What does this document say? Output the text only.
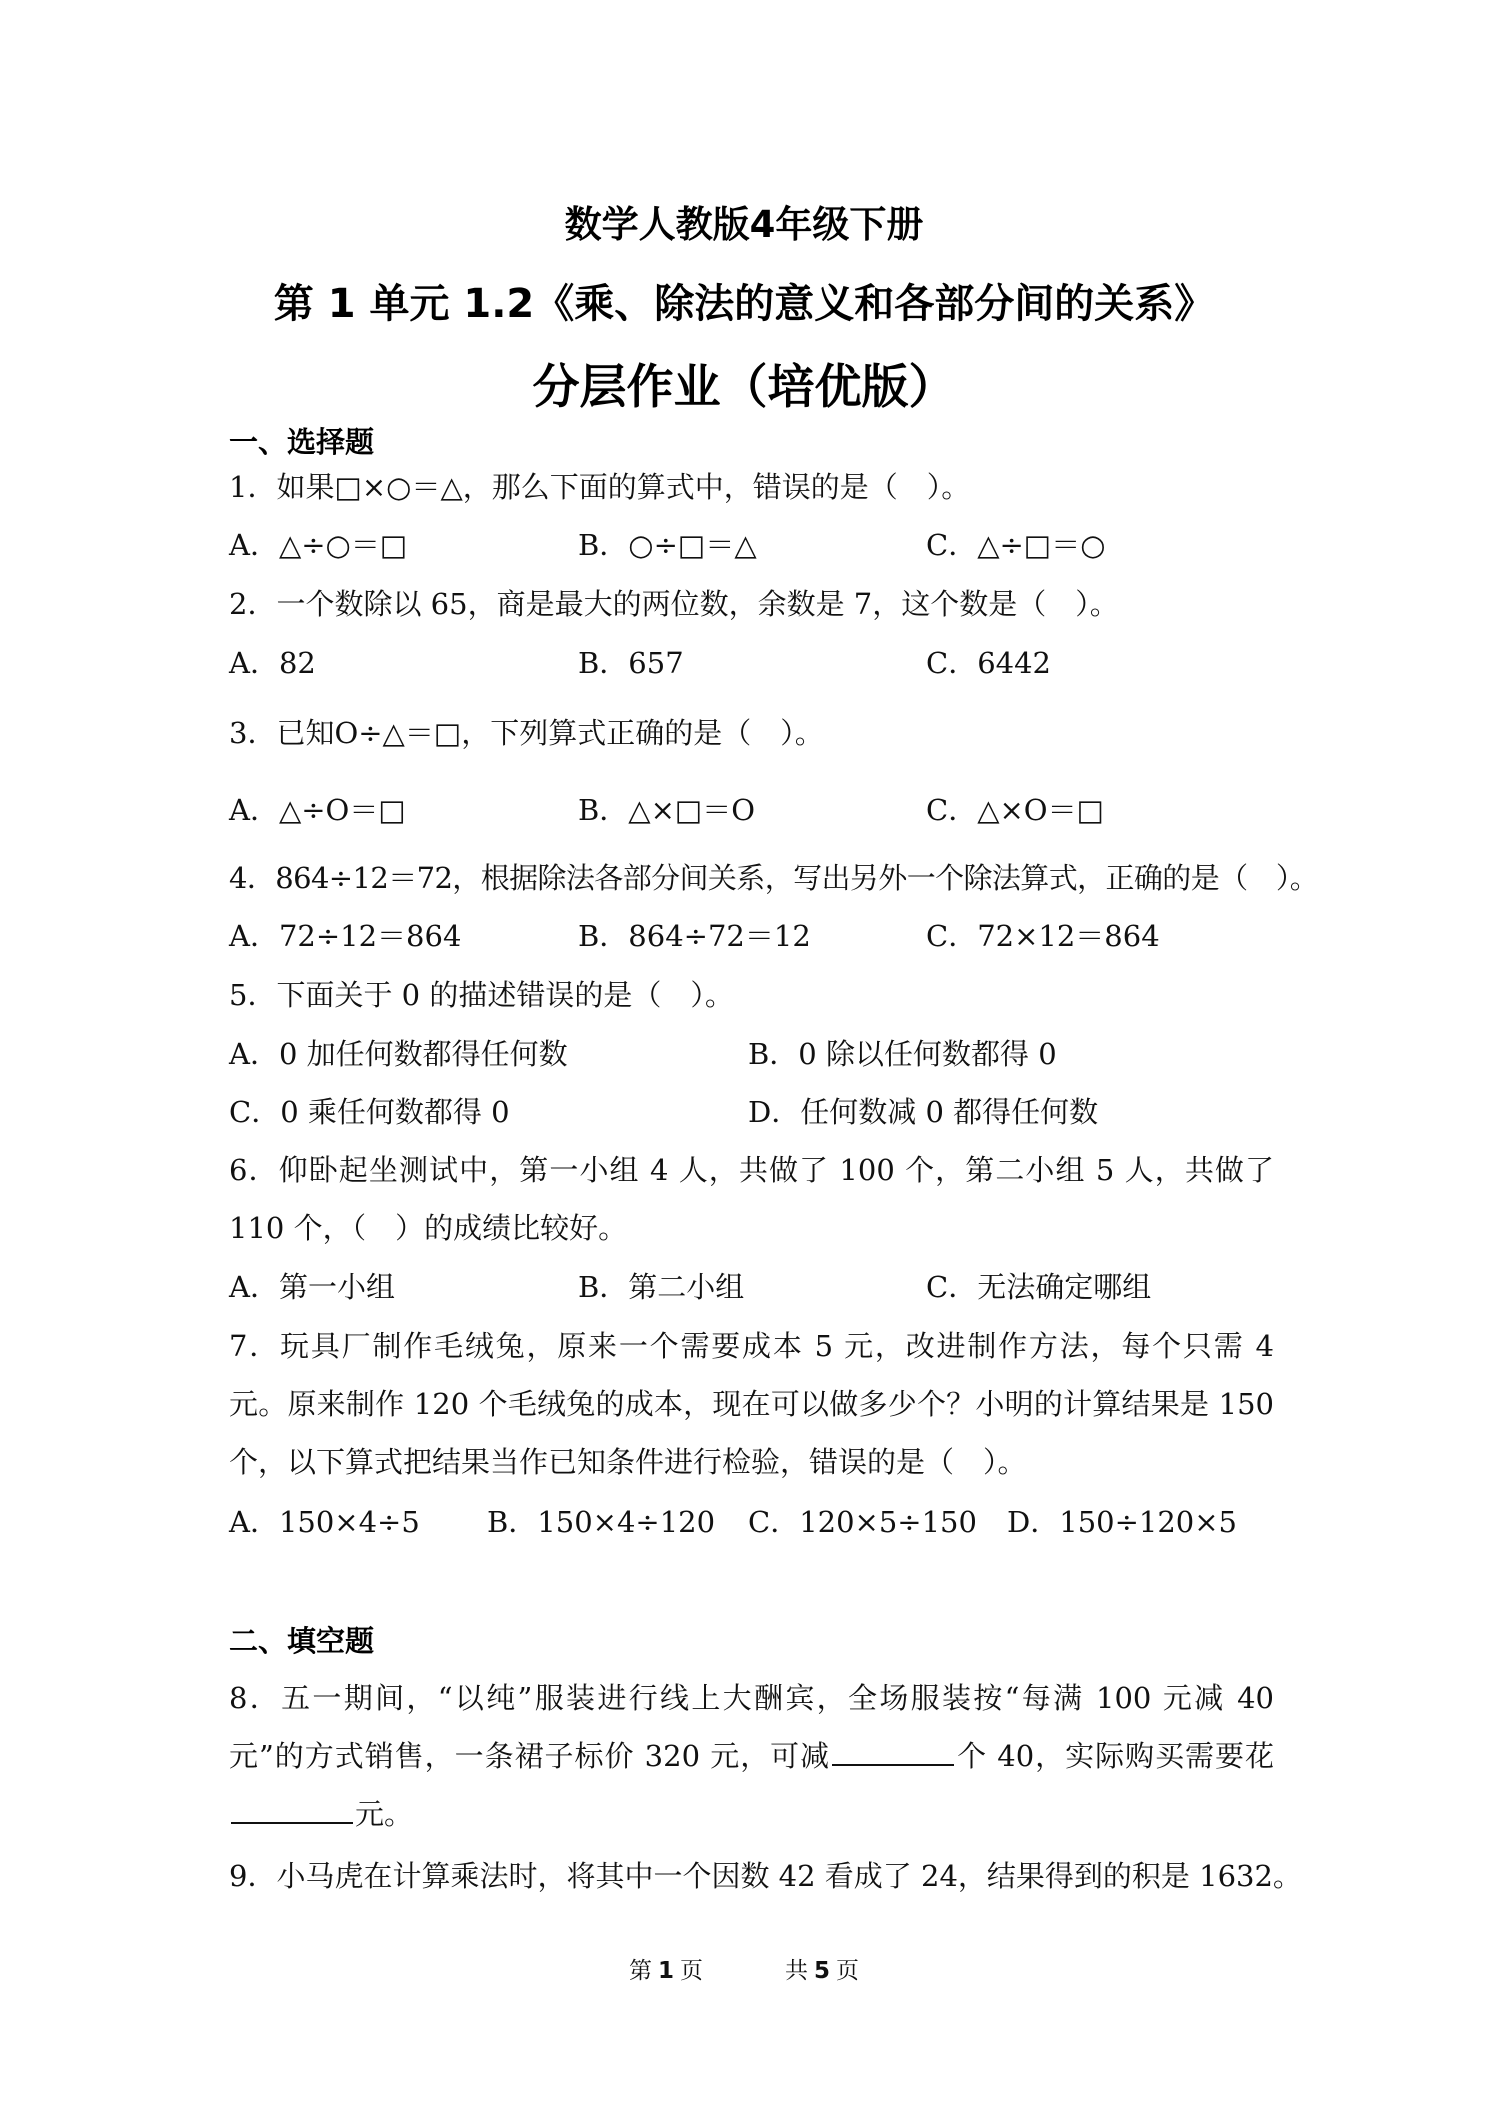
数学人教版4年级下册
第 1 单元 1.2《乘、除法的意义和各部分间的关系》
分层作业（培优版）
一、选择题
1．如果□×○＝△，那么下面的算式中，错误的是（　）。
A．△÷○＝□	B．○÷□＝△	C．△÷□＝○
2．一个数除以 65，商是最大的两位数，余数是 7，这个数是（　）。
A．82	B．657	C．6442
3．已知O÷△＝□，下列算式正确的是（　）。
A．△÷O＝□	B．△×□＝O	C．△×O＝□
4．864÷12＝72，根据除法各部分间关系，写出另外一个除法算式，正确的是（　）。
A．72÷12＝864	B．864÷72＝12	C．72×12＝864
5．下面关于 0 的描述错误的是（　）。
A．0 加任何数都得任何数	B．0 除以任何数都得 0
C．0 乘任何数都得 0	D．任何数减 0 都得任何数
6．仰卧起坐测试中，第一小组 4 人，共做了 100 个，第二小组 5 人，共做了 110 个，（　）的成绩比较好。
A．第一小组	B．第二小组	C．无法确定哪组
7．玩具厂制作毛绒兔，原来一个需要成本 5 元，改进制作方法，每个只需 4 元。原来制作 120 个毛绒兔的成本，现在可以做多少个？小明的计算结果是 150 个，以下算式把结果当作已知条件进行检验，错误的是（　）。
A．150×4÷5 B．150×4÷120 C．120×5÷150 D．150÷120×5
二、填空题
8．五一期间，“以纯”服装进行线上大酬宾，全场服装按“每满 100 元减 40 元”的方式销售，一条裙子标价 320 元，可减	个 40，实际购买需要花元。
9．小马虎在计算乘法时，将其中一个因数 42 看成了 24，结果得到的积是 1632。
第 1 页	共 5 页
